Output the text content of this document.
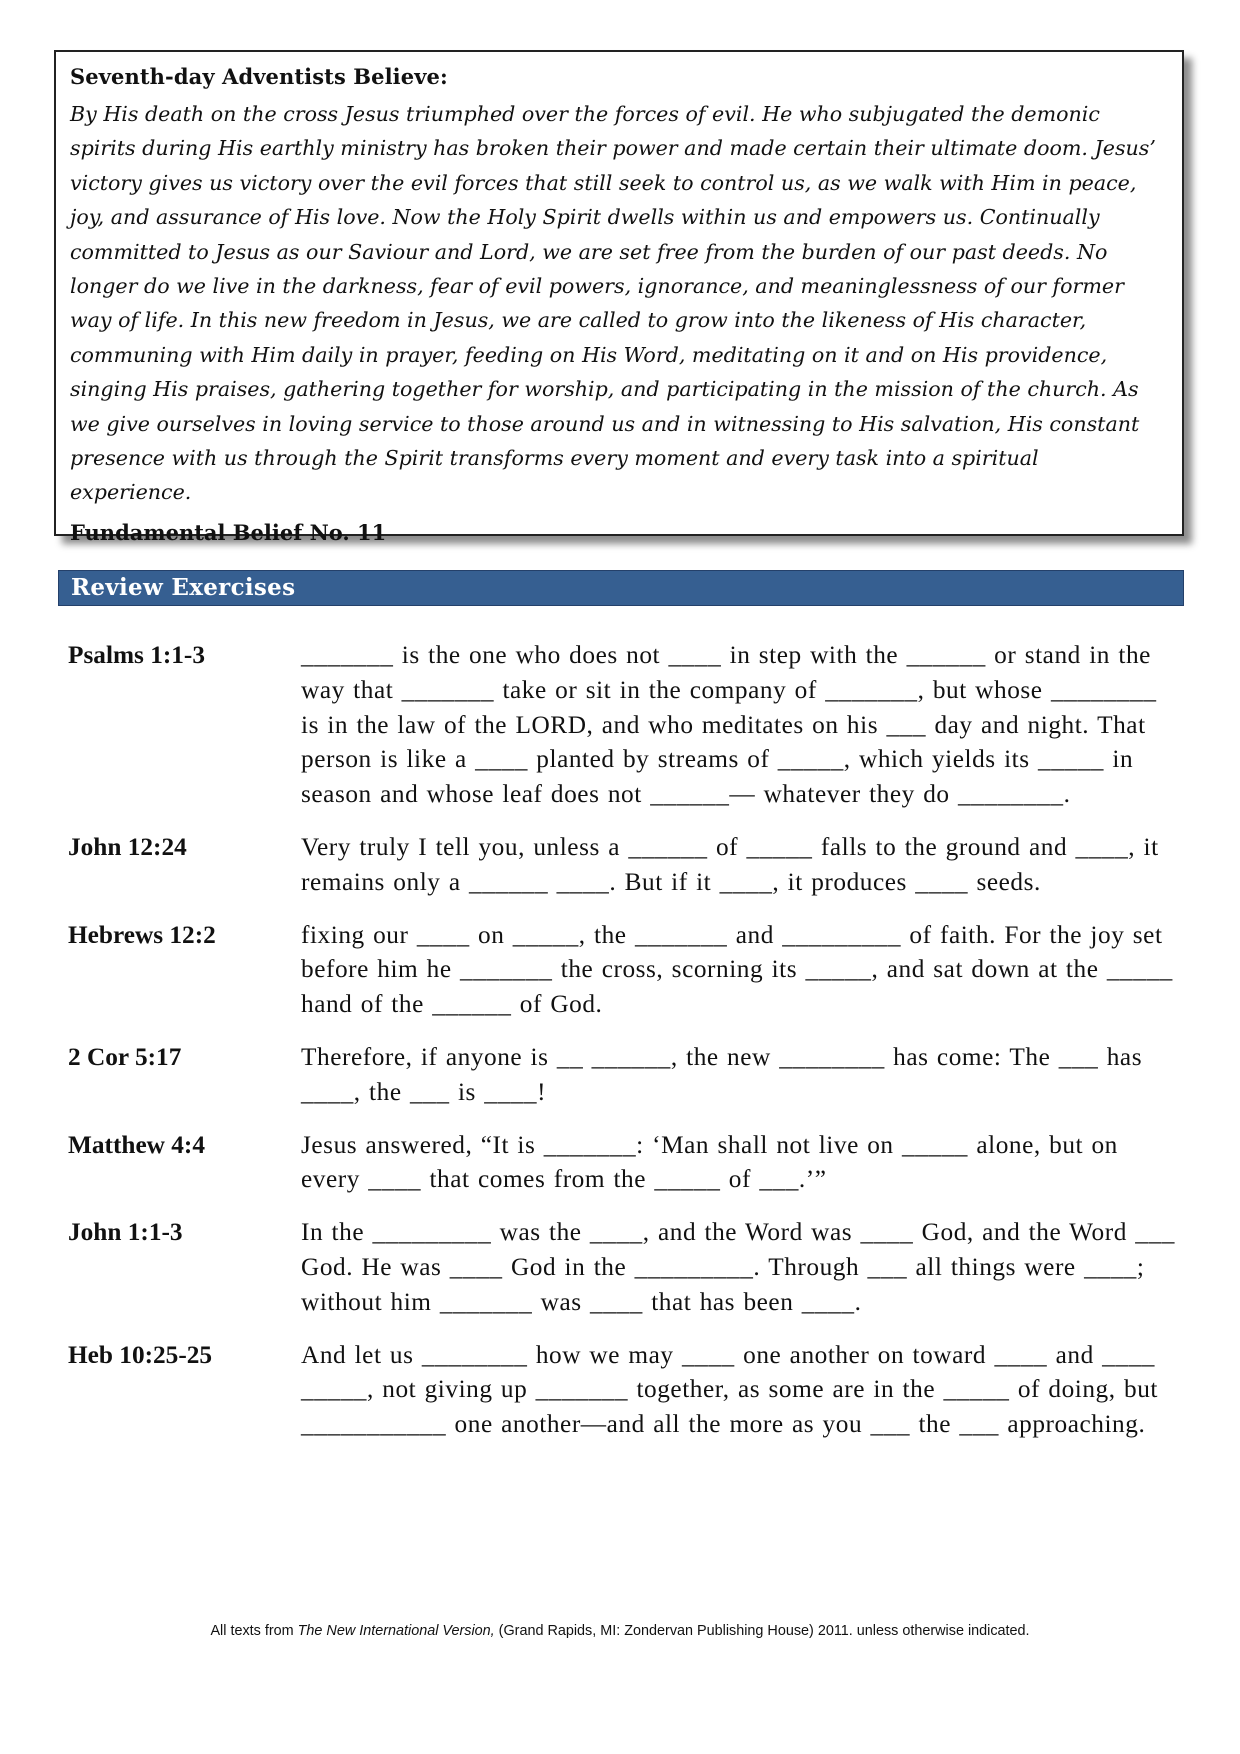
Seventh-day Adventists Believe:

By His death on the cross Jesus triumphed over the forces of evil. He who subjugated the demonic spirits during His earthly ministry has broken their power and made certain their ultimate doom. Jesus’ victory gives us victory over the evil forces that still seek to control us, as we walk with Him in peace, joy, and assurance of His love. Now the Holy Spirit dwells within us and empowers us. Continually committed to Jesus as our Saviour and Lord, we are set free from the burden of our past deeds. No longer do we live in the darkness, fear of evil powers, ignorance, and meaninglessness of our former way of life. In this new freedom in Jesus, we are called to grow into the likeness of His character, communing with Him daily in prayer, feeding on His Word, meditating on it and on His providence, singing His praises, gathering together for worship, and participating in the mission of the church. As we give ourselves in loving service to those around us and in witnessing to His salvation, His constant presence with us through the Spirit transforms every moment and every task into a spiritual experience.

Fundamental Belief No. 11
Review Exercises
Psalms 1:1-3	_______ is the one who does not ____ in step with the ______ or stand in the way that _______ take or sit in the company of _______, but whose ________ is in the law of the LORD, and who meditates on his ___ day and night. That person is like a ____ planted by streams of _____, which yields its _____ in season and whose leaf does not ______— whatever they do ________.
John 12:24	Very truly I tell you, unless a ______ of _____ falls to the ground and ____, it remains only a ______ ____. But if it ____, it produces ____ seeds.
Hebrews 12:2	fixing our ____ on _____, the _______ and _________ of faith. For the joy set before him he _______ the cross, scorning its _____, and sat down at the _____ hand of the ______ of God.
2 Cor 5:17	Therefore, if anyone is __ ______, the new ________ has come: The ___ has ____, the ___ is ____!
Matthew 4:4	Jesus answered, “It is _______: ‘Man shall not live on _____ alone, but on every ____ that comes from the _____ of ___.’”
John 1:1-3	In the _________ was the ____, and the Word was ____ God, and the Word ___ God. He was ____ God in the _________. Through ___ all things were ____; without him _______ was ____ that has been ____.
Heb 10:25-25	And let us ________ how we may ____ one another on toward ____ and ____ _____, not giving up _______ together, as some are in the _____ of doing, but ___________ one another—and all the more as you ___ the ___ approaching.
All texts from The New International Version, (Grand Rapids, MI: Zondervan Publishing House) 2011. unless otherwise indicated.
